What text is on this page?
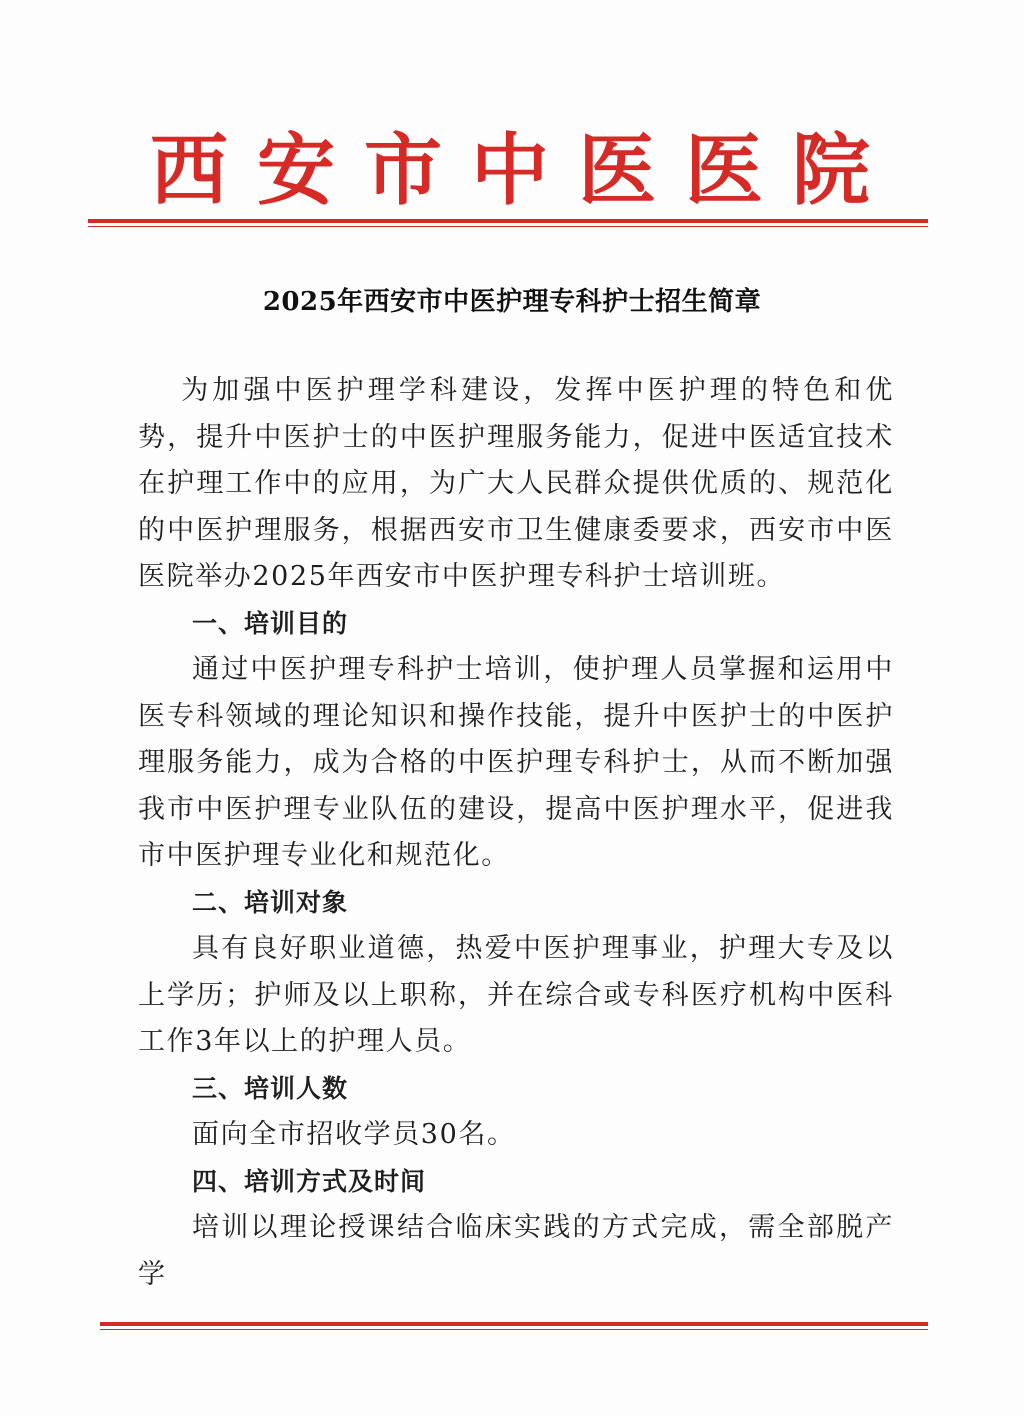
西 安 市 中 医 医 院
2025年西安市中医护理专科护士招生简章

为加强中医护理学科建设，发挥中医护理的特色和优势，提升中医护士的中医护理服务能力，促进中医适宜技术在护理工作中的应用，为广大人民群众提供优质的、规范化的中医护理服务，根据西安市卫生健康委要求，西安市中医医院举办2025年西安市中医护理专科护士培训班。

一、培训目的

通过中医护理专科护士培训，使护理人员掌握和运用中医专科领域的理论知识和操作技能，提升中医护士的中医护理服务能力，成为合格的中医护理专科护士，从而不断加强我市中医护理专业队伍的建设，提高中医护理水平，促进我市中医护理专业化和规范化。

二、培训对象

具有良好职业道德，热爱中医护理事业，护理大专及以上学历；护师及以上职称，并在综合或专科医疗机构中医科工作3年以上的护理人员。

三、培训人数

面向全市招收学员30名。

四、培训方式及时间

培训以理论授课结合临床实践的方式完成，需全部脱产学
